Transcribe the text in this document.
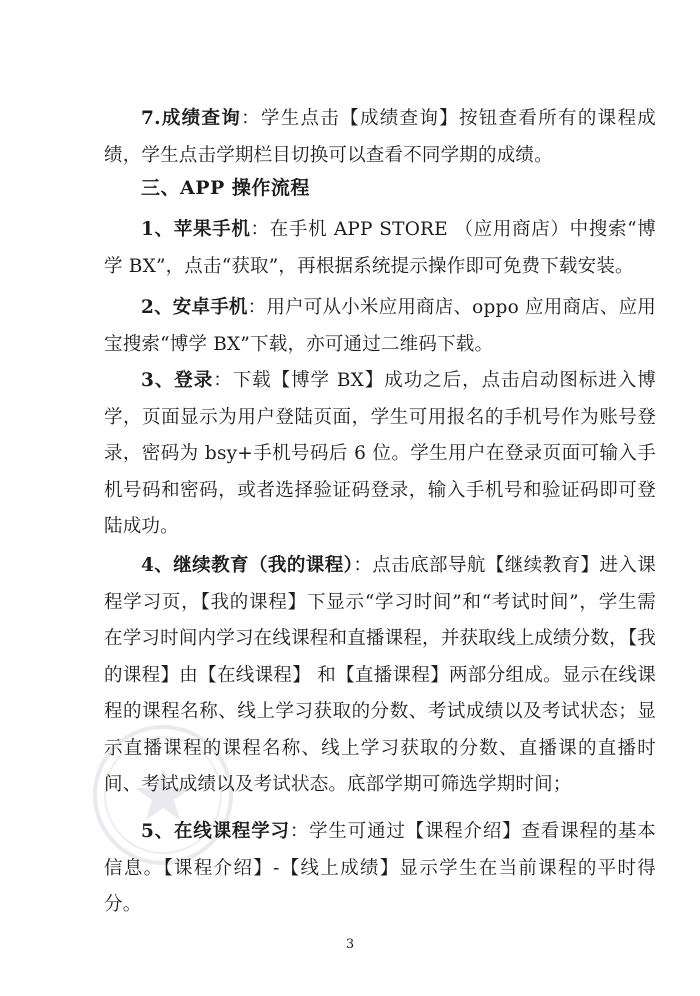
7.成绩查询：学生点击【成绩查询】按钮查看所有的课程成绩，学生点击学期栏目切换可以查看不同学期的成绩。

三、APP 操作流程

1、苹果手机：在手机 APP STORE （应用商店）中搜索“博学 BX”，点击“获取”，再根据系统提示操作即可免费下载安装。

2、安卓手机：用户可从小米应用商店、oppo 应用商店、应用宝搜索“博学 BX”下载，亦可通过二维码下载。

3、登录：下载【博学 BX】成功之后，点击启动图标进入博学，页面显示为用户登陆页面，学生可用报名的手机号作为账号登录，密码为 bsy+手机号码后 6 位。学生用户在登录页面可输入手机号码和密码，或者选择验证码登录，输入手机号和验证码即可登陆成功。

4、继续教育（我的课程）：点击底部导航【继续教育】进入课程学习页，【我的课程】下显示“学习时间”和“考试时间”，学生需在学习时间内学习在线课程和直播课程，并获取线上成绩分数，【我的课程】由【在线课程】 和【直播课程】两部分组成。显示在线课程的课程名称、线上学习获取的分数、考试成绩以及考试状态；显示直播课程的课程名称、线上学习获取的分数、直播课的直播时间、考试成绩以及考试状态。底部学期可筛选学期时间；

5、在线课程学习：学生可通过【课程介绍】查看课程的基本信息。【课程介绍】-【线上成绩】显示学生在当前课程的平时得分。

3
